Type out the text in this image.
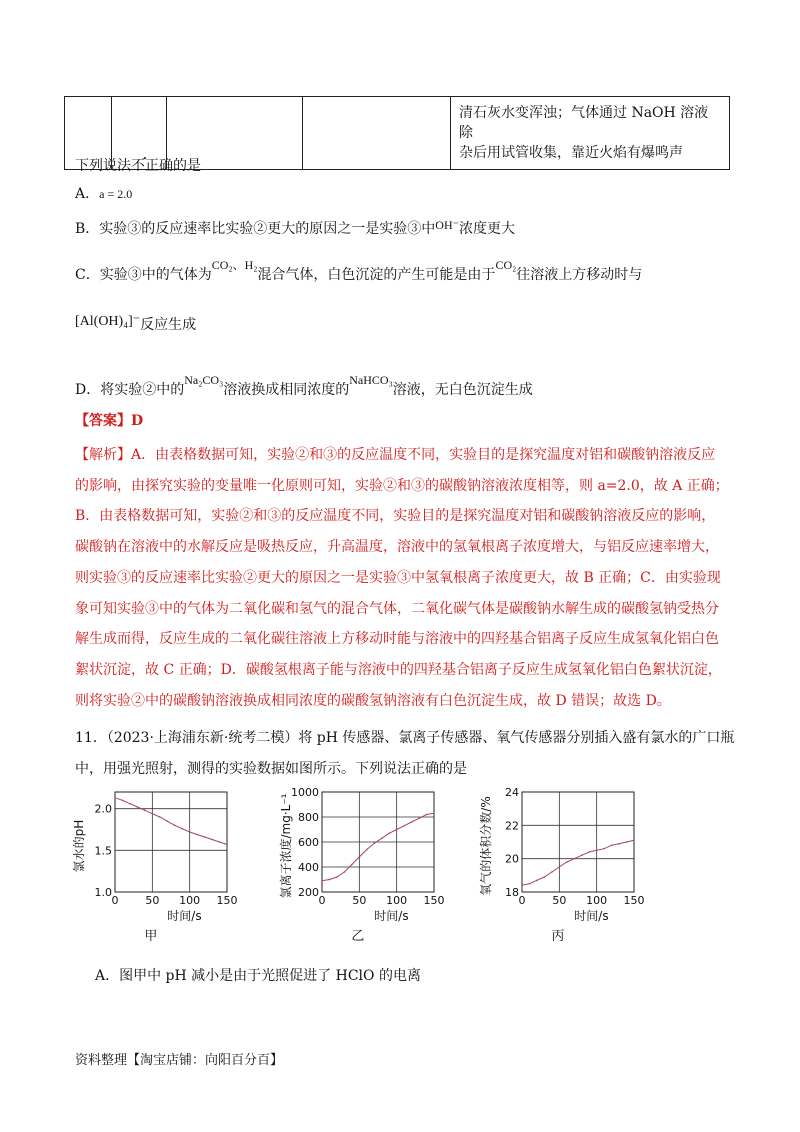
清石灰水变浑浊；气体通过 NaOH 溶液除
杂后用试管收集，靠近火焰有爆鸣声
下列说法不正确的是
A．a = 2.0
B．实验③的反应速率比实验②更大的原因之一是实验③中OH⁻浓度更大
C．实验③中的气体为CO₂、H₂混合气体，白色沉淀的产生可能是由于CO₂往溶液上方移动时与
[Al(OH)₄]⁻反应生成
D．将实验②中的Na₂CO₃溶液换成相同浓度的NaHCO₃溶液，无白色沉淀生成
【答案】D
【解析】A．由表格数据可知，实验②和③的反应温度不同，实验目的是探究温度对铝和碳酸钠溶液反应
的影响，由探究实验的变量唯一化原则可知，实验②和③的碳酸钠溶液浓度相等，则 a=2.0，故 A 正确；
B．由表格数据可知，实验②和③的反应温度不同，实验目的是探究温度对铝和碳酸钠溶液反应的影响，
碳酸钠在溶液中的水解反应是吸热反应，升高温度，溶液中的氢氧根离子浓度增大，与铝反应速率增大，
则实验③的反应速率比实验②更大的原因之一是实验③中氢氧根离子浓度更大，故 B 正确；C．由实验现
象可知实验③中的气体为二氧化碳和氢气的混合气体，二氧化碳气体是碳酸钠水解生成的碳酸氢钠受热分
解生成而得，反应生成的二氧化碳往溶液上方移动时能与溶液中的四羟基合铝离子反应生成氢氧化铝白色
絮状沉淀，故 C 正确；D．碳酸氢根离子能与溶液中的四羟基合铝离子反应生成氢氧化铝白色絮状沉淀，
则将实验②中的碳酸钠溶液换成相同浓度的碳酸氢钠溶液有白色沉淀生成，故 D 错误；故选 D。
11．（2023·上海浦东新·统考二模）将 pH 传感器、氯离子传感器、氧气传感器分别插入盛有氯水的广口瓶
中，用强光照射，测得的实验数据如图所示。下列说法正确的是
0 50 100 150
1.0
1.5
2.0
时间/s
氯水的pH
甲
0 50 100 150
200
400
600
800
1000
时间/s
氯离子浓度/mg·L⁻¹
乙
0 50 100 150
18
20
22
24
时间/s
氧气的体积分数/%
丙
A．图甲中 pH 减小是由于光照促进了 HClO 的电离
资料整理【淘宝店铺：向阳百分百】
